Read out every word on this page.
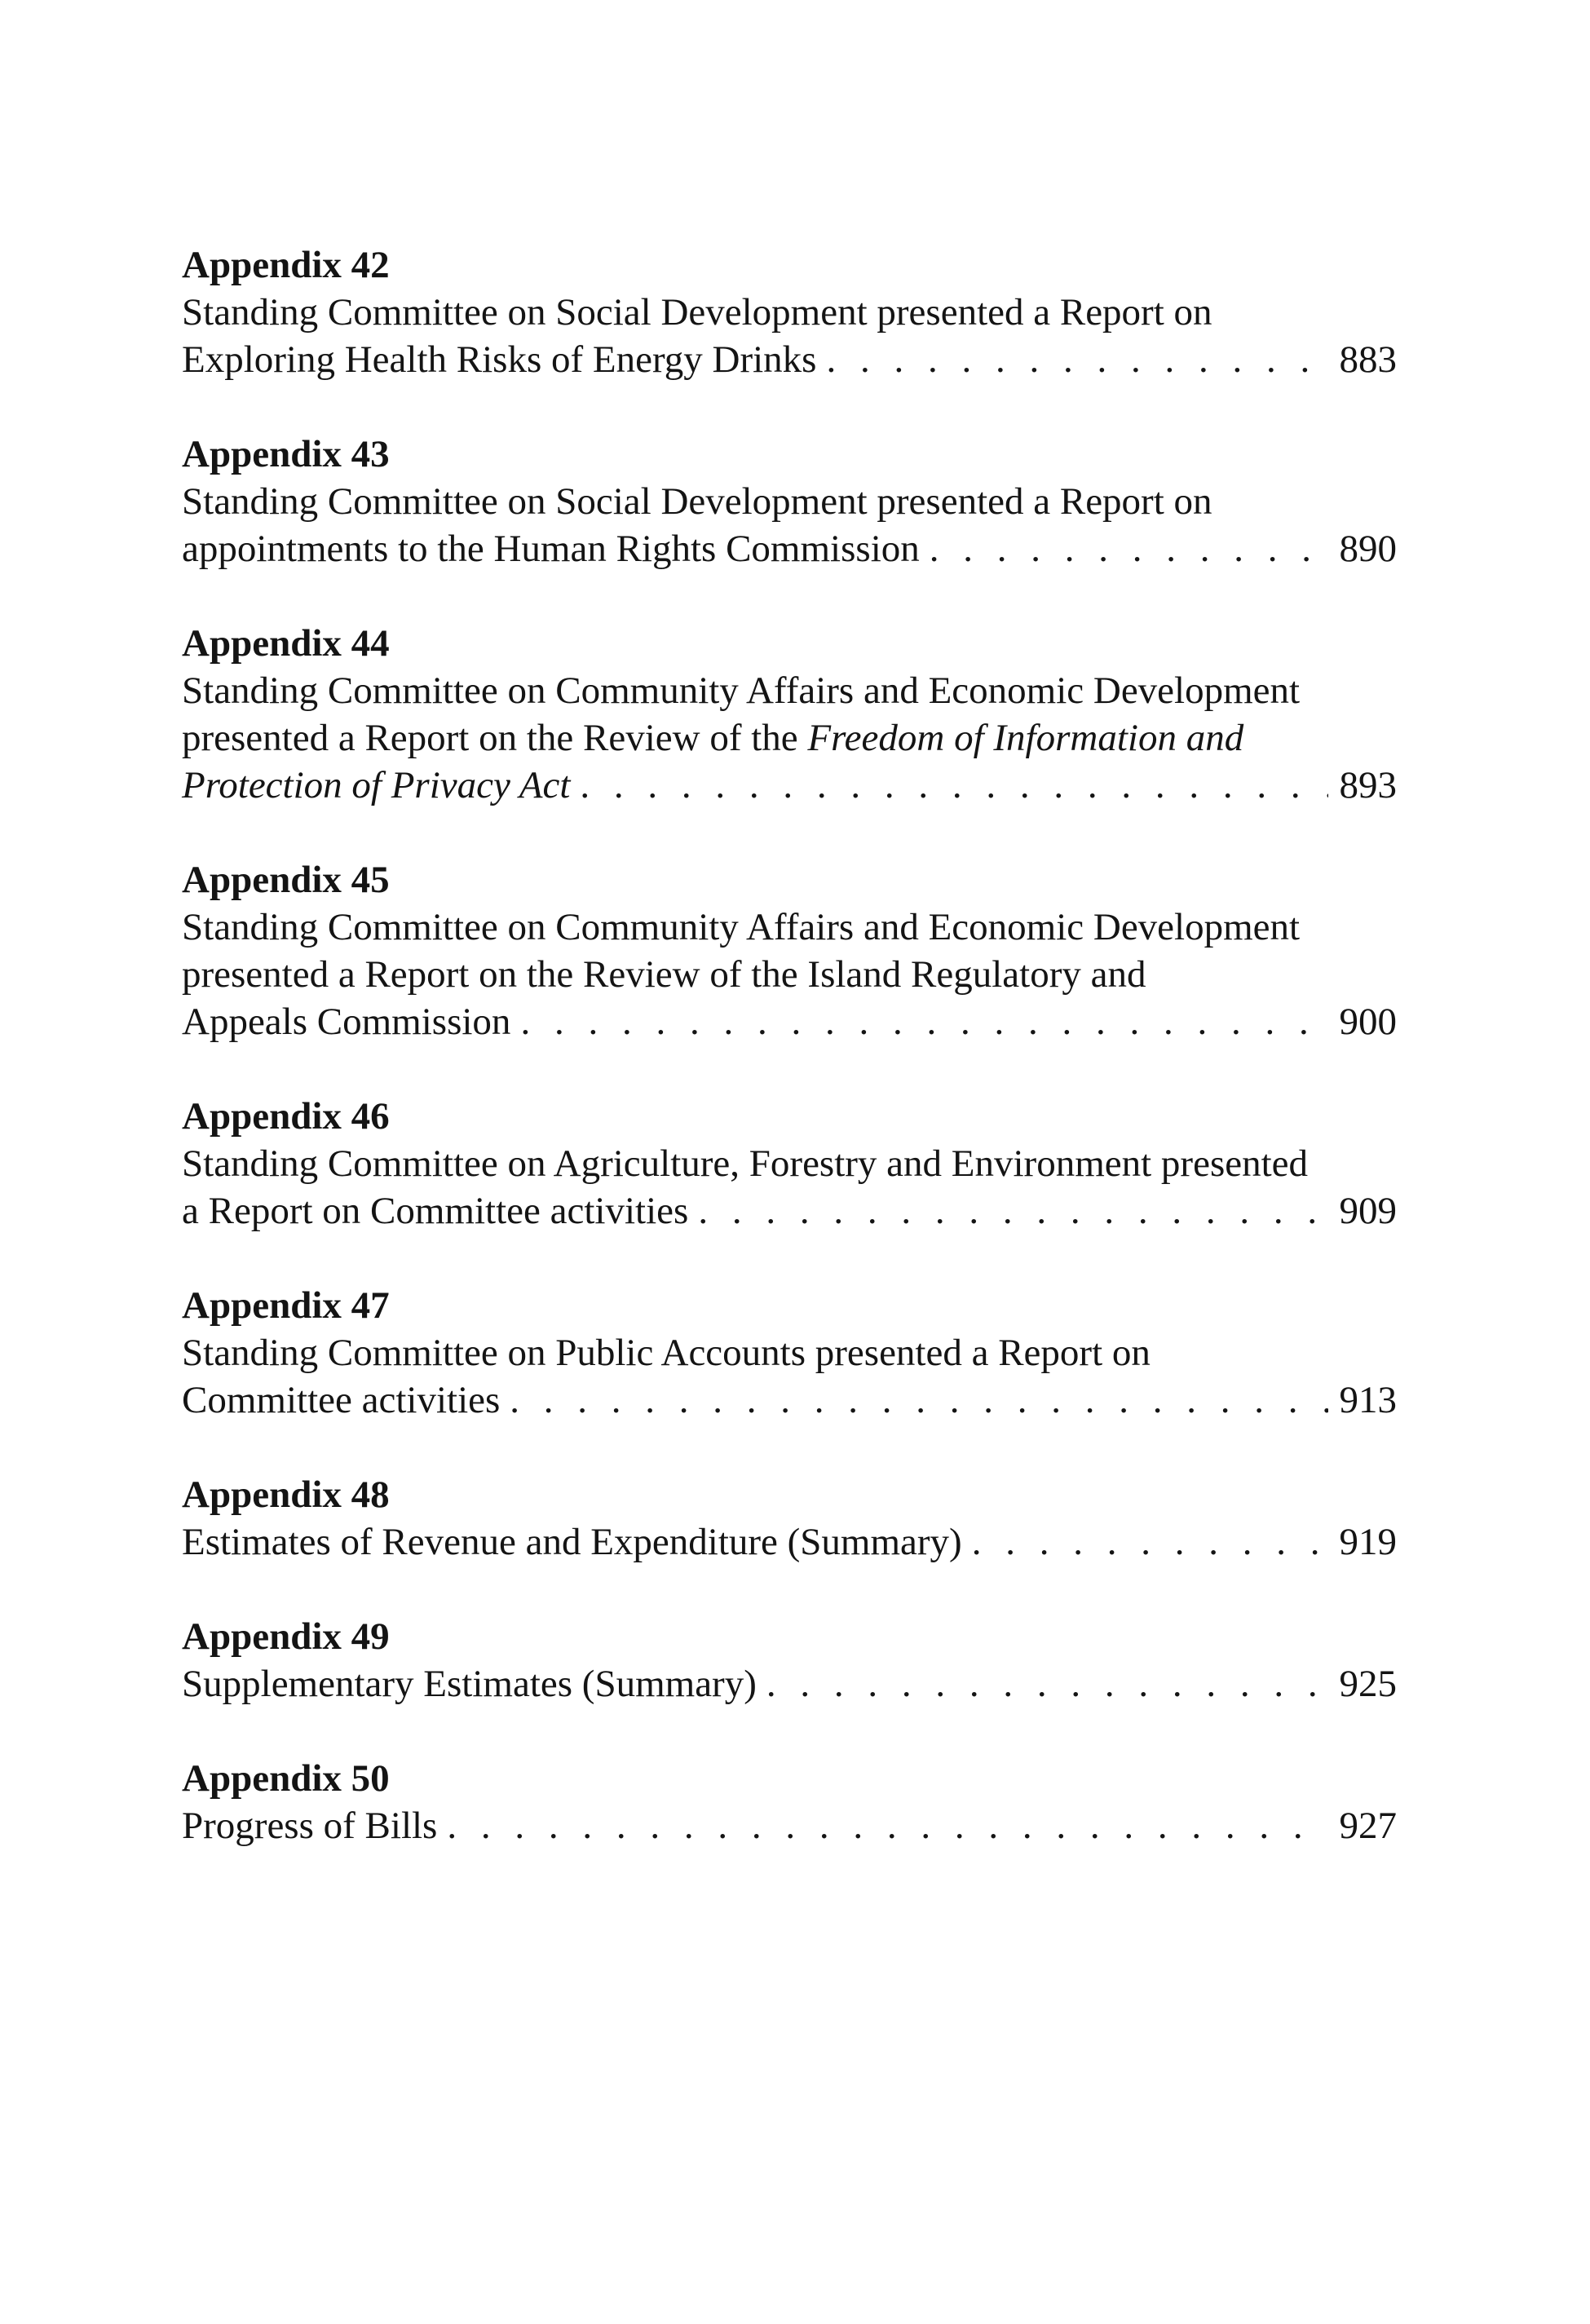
Appendix 42
Standing Committee on Social Development presented a Report on
Exploring Health Risks of Energy Drinks . . .	883
Appendix 43
Standing Committee on Social Development presented a Report on
appointments to the Human Rights Commission . . .	890
Appendix 44
Standing Committee on Community Affairs and Economic Development
presented a Report on the Review of the Freedom of Information and
Protection of Privacy Act . . .	893
Appendix 45
Standing Committee on Community Affairs and Economic Development
presented a Report on the Review of the Island Regulatory and
Appeals Commission . . .	900
Appendix 46
Standing Committee on Agriculture, Forestry and Environment presented
a Report on Committee activities . . .	909
Appendix 47
Standing Committee on Public Accounts presented a Report on
Committee activities . . .	913
Appendix 48
Estimates of Revenue and Expenditure (Summary) . . .	919
Appendix 49
Supplementary Estimates (Summary) . . .	925
Appendix 50
Progress of Bills . . .	927
